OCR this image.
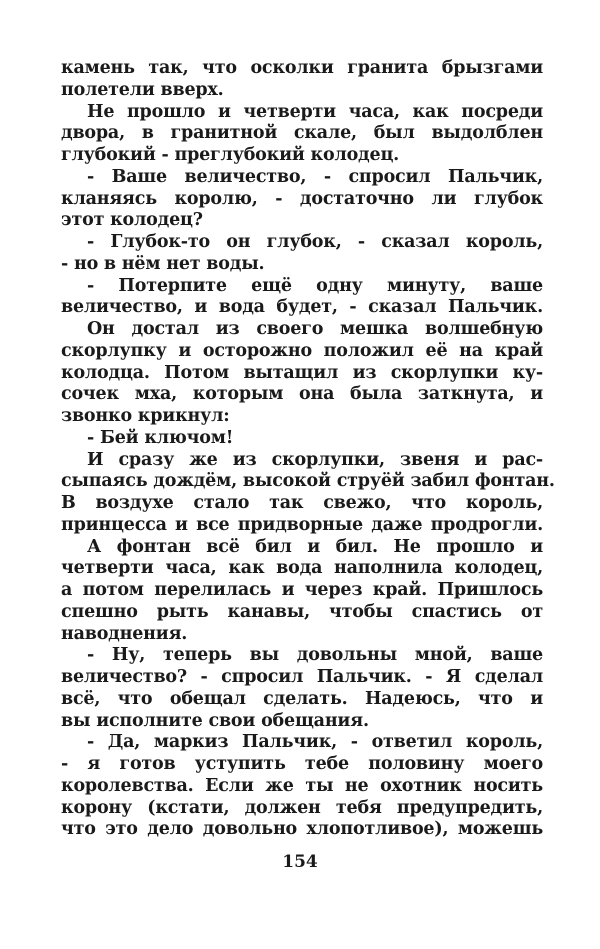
камень так, что осколки гранита брызгами
полетели вверх.
Не прошло и четверти часа, как посреди
двора, в гранитной скале, был выдолблен
глубокий - преглубокий колодец.
- Ваше величество, - спросил Пальчик,
кланяясь королю, - достаточно ли глубок
этот колодец?
- Глубок-то он глубок, - сказал король,
- но в нём нет воды.
- Потерпите ещё одну минуту, ваше
величество, и вода будет, - сказал Пальчик.
Он достал из своего мешка волшебную
скорлупку и осторожно положил её на край
колодца. Потом вытащил из скорлупки ку-
сочек мха, которым она была заткнута, и
звонко крикнул:
- Бей ключом!
И сразу же из скорлупки, звеня и рас-
сыпаясь дождём, высокой струёй забил фонтан.
В воздухе стало так свежо, что король,
принцесса и все придворные даже продрогли.
А фонтан всё бил и бил. Не прошло и
четверти часа, как вода наполнила колодец,
а потом перелилась и через край. Пришлось
спешно рыть канавы, чтобы спастись от
наводнения.
- Ну, теперь вы довольны мной, ваше
величество? - спросил Пальчик. - Я сделал
всё, что обещал сделать. Надеюсь, что и
вы исполните свои обещания.
- Да, маркиз Пальчик, - ответил король,
- я готов уступить тебе половину моего
королевства. Если же ты не охотник носить
корону (кстати, должен тебя предупредить,
что это дело довольно хлопотливое), можешь
154
